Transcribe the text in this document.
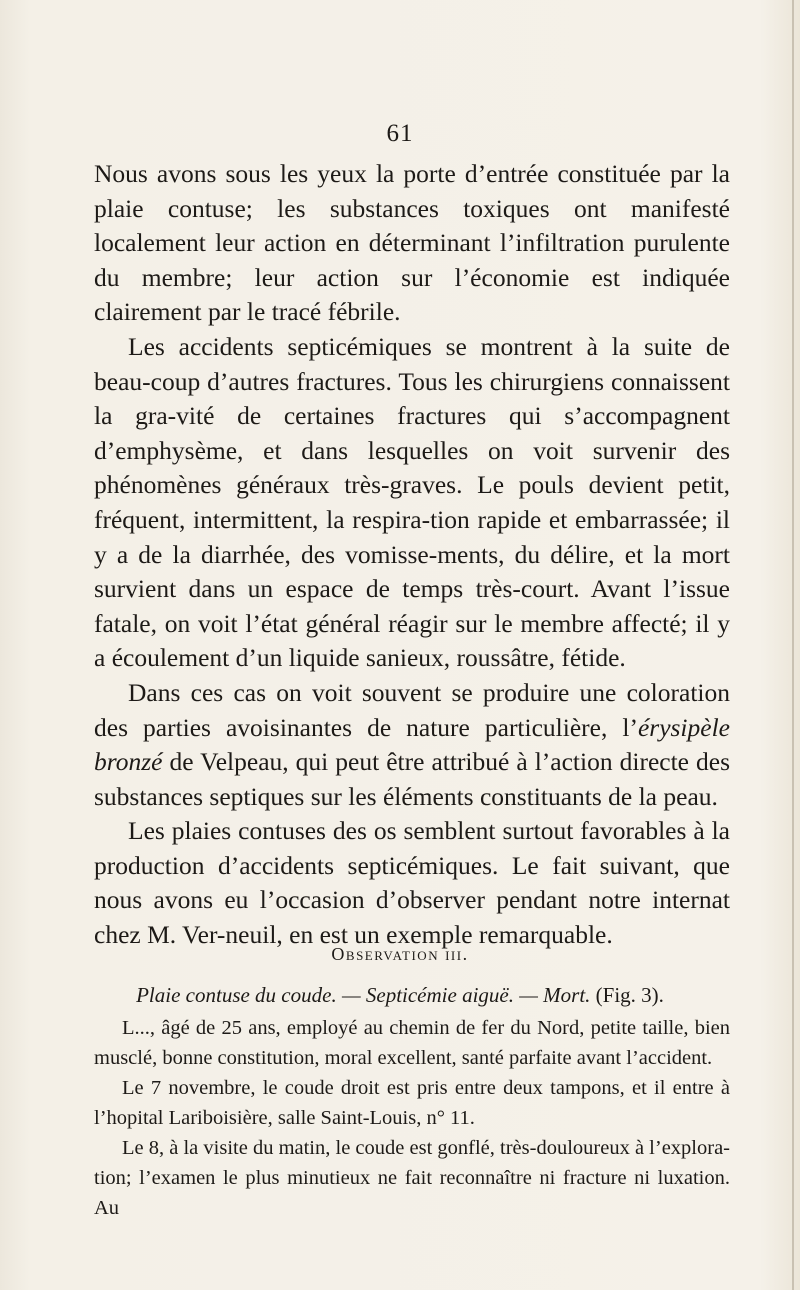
61

Nous avons sous les yeux la porte d’entrée constituée par la plaie contuse; les substances toxiques ont manifesté localement leur action en déterminant l’infiltration purulente du membre; leur action sur l’économie est indiquée clairement par le tracé fébrile.

Les accidents septicémiques se montrent à la suite de beau-coup d’autres fractures. Tous les chirurgiens connaissent la gra-vité de certaines fractures qui s’accompagnent d’emphysème, et dans lesquelles on voit survenir des phénomènes généraux très-graves. Le pouls devient petit, fréquent, intermittent, la respira-tion rapide et embarrassée; il y a de la diarrhée, des vomisse-ments, du délire, et la mort survient dans un espace de temps très-court. Avant l’issue fatale, on voit l’état général réagir sur le membre affecté; il y a écoulement d’un liquide sanieux, roussâtre, fétide.

Dans ces cas on voit souvent se produire une coloration des parties avoisinantes de nature particulière, l’érysipèle bronzé de Velpeau, qui peut être attribué à l’action directe des substances septiques sur les éléments constituants de la peau.

Les plaies contuses des os semblent surtout favorables à la production d’accidents septicémiques. Le fait suivant, que nous avons eu l’occasion d’observer pendant notre internat chez M. Ver-neuil, en est un exemple remarquable.

Observation iii.
Plaie contuse du coude. — Septicémie aiguë. — Mort. (Fig. 3).

L..., âgé de 25 ans, employé au chemin de fer du Nord, petite taille, bien musclé, bonne constitution, moral excellent, santé parfaite avant l’accident.

Le 7 novembre, le coude droit est pris entre deux tampons, et il entre à l’hopital Lariboisière, salle Saint-Louis, n° 11.

Le 8, à la visite du matin, le coude est gonflé, très-douloureux à l’explora-tion; l’examen le plus minutieux ne fait reconnaître ni fracture ni luxation. Au
